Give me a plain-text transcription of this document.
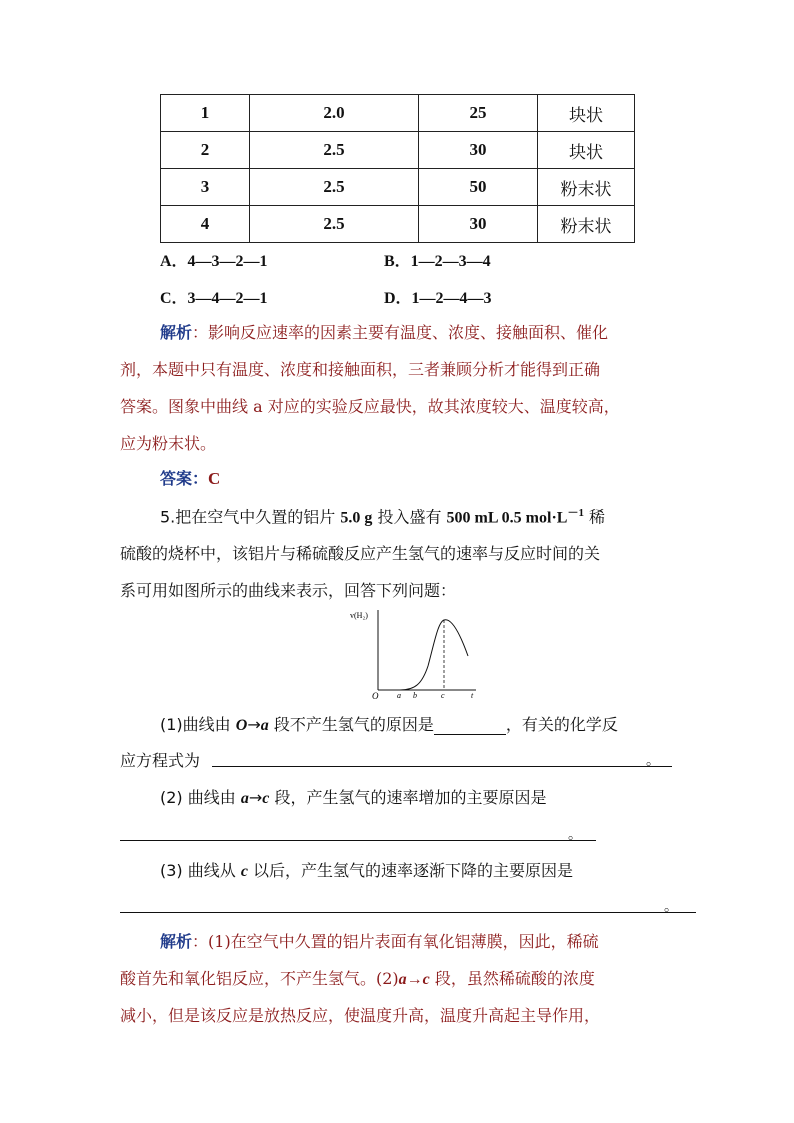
1	2.0	25	块状
2	2.5	30	块状
3	2.5	50	粉末状
4	2.5	30	粉末状
A．4—3—2—1	B．1—2—3—4
C．3—4—2—1	D．1—2—4—3
解析：影响反应速率的因素主要有温度、浓度、接触面积、催化
剂，本题中只有温度、浓度和接触面积，三者兼顾分析才能得到正确
答案。图象中曲线 a 对应的实验反应最快，故其浓度较大、温度较高，
应为粉末状。
答案：C
5.把在空气中久置的铝片 5.0 g 投入盛有 500 mL 0.5 $mol\cdot L^{-1}$ 稀
硫酸的烧杯中，该铝片与稀硫酸反应产生氢气的速率与反应时间的关
系可用如图所示的曲线来表示，回答下列问题：
v(H₂)
O a b	c	t
(1)曲线由 O→a 段不产生氢气的原因是	，有关的化学反
应方程式为	。
(2) 曲线由 a→c 段，产生氢气的速率增加的主要原因是
。
(3) 曲线从 c 以后，产生氢气的速率逐渐下降的主要原因是
。
解析：(1)在空气中久置的铝片表面有氧化铝薄膜，因此，稀硫
酸首先和氧化铝反应，不产生氢气。(2)a→c 段，虽然稀硫酸的浓度
减小，但是该反应是放热反应，使温度升高，温度升高起主导作用，
